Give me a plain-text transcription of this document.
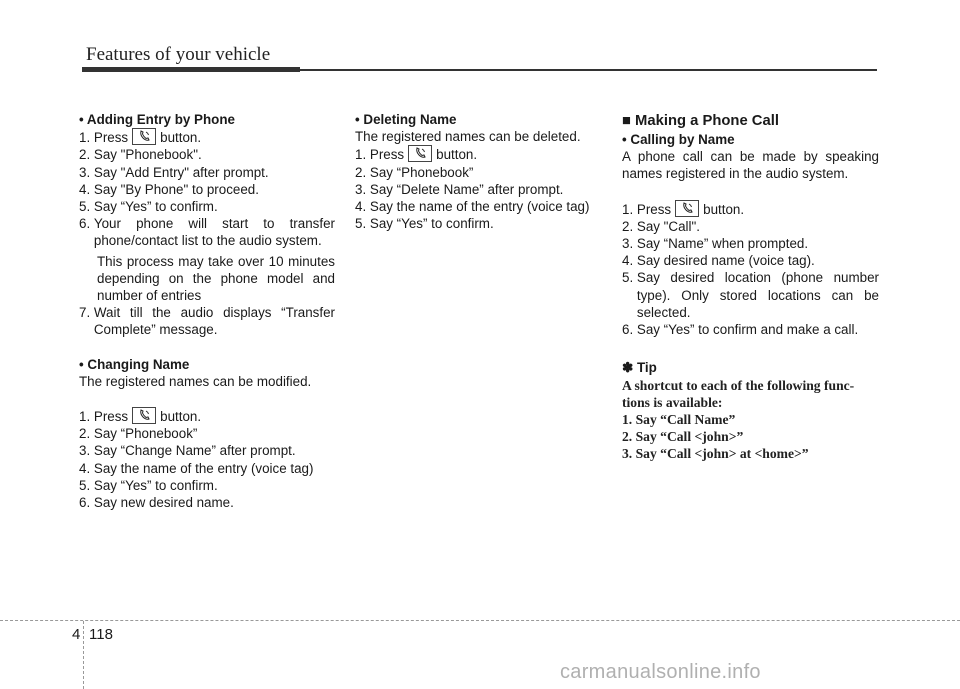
Features of your vehicle
• Adding Entry by Phone
1. Press button.
2. Say "Phonebook".
3. Say "Add Entry" after prompt.
4. Say "By Phone" to proceed.
5. Say “Yes” to confirm.
6. Your phone will start to transfer phone/contact list to the audio system.
This process may take over 10 minutes depending on the phone model and number of entries
7. Wait till the audio displays “Transfer Complete” message.
• Changing Name
The registered names can be modified.
1. Press button.
2. Say “Phonebook”
3. Say “Change Name” after prompt.
4. Say the name of the entry (voice tag)
5. Say “Yes” to confirm.
6. Say new desired name.
• Deleting Name
The registered names can be deleted.
1. Press button.
2. Say “Phonebook”
3. Say “Delete Name” after prompt.
4. Say the name of the entry (voice tag)
5. Say “Yes” to confirm.
■ Making a Phone Call
• Calling by Name
A phone call can be made by speaking names registered in the audio system.
1. Press button.
2. Say "Call".
3. Say “Name” when prompted.
4. Say desired name (voice tag).
5. Say desired location (phone number type). Only stored locations can be selected.
6. Say “Yes” to confirm and make a call.
✽ Tip
A shortcut to each of the following func-
tions is available:
1. Say “Call Name”
2. Say “Call <john>”
3. Say “Call <john> at <home>”
4 118
carmanualsonline.info
